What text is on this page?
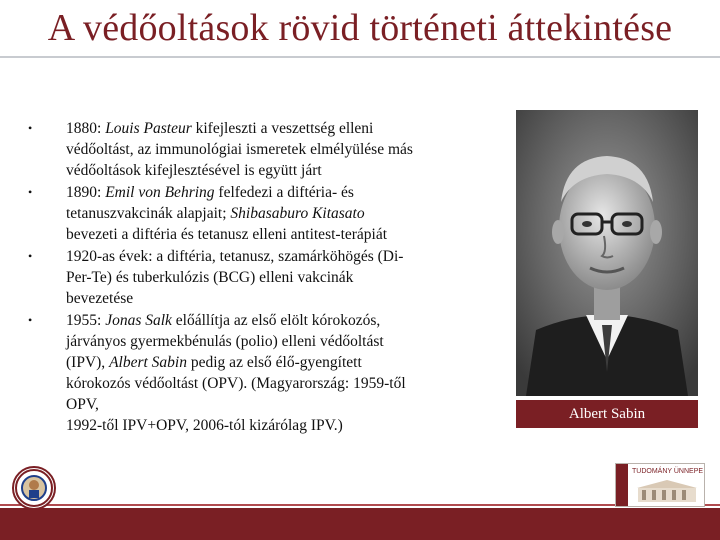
A védőoltások rövid történeti áttekintése
•	1880: Louis Pasteur kifejleszti a veszettség elleni
védőoltást, az immunológiai ismeretek elmélyülése más
védőoltások kifejlesztésével is együtt járt
•	1890: Emil von Behring felfedezi a diftéria- és
tetanuszvakcinák alapjait; Shibasaburo Kitasato
bevezeti a diftéria és tetanusz elleni antitest-terápiát
•	1920-as évek: a diftéria, tetanusz, szamárköhögés (Di-
Per-Te) és tuberkulózis (BCG) elleni vakcinák
bevezetése
•	1955: Jonas Salk előállítja az első elölt kórokozós,
járványos gyermekbénulás (polio) elleni védőoltást
(IPV), Albert Sabin pedig az első élő-gyengített
kórokozós védőoltást (OPV). (Magyarország: 1959-től
OPV,
1992-től IPV+OPV, 2006-tól kizárólag IPV.)
Albert Sabin
TUDOMÁNY ÜNNEPE
